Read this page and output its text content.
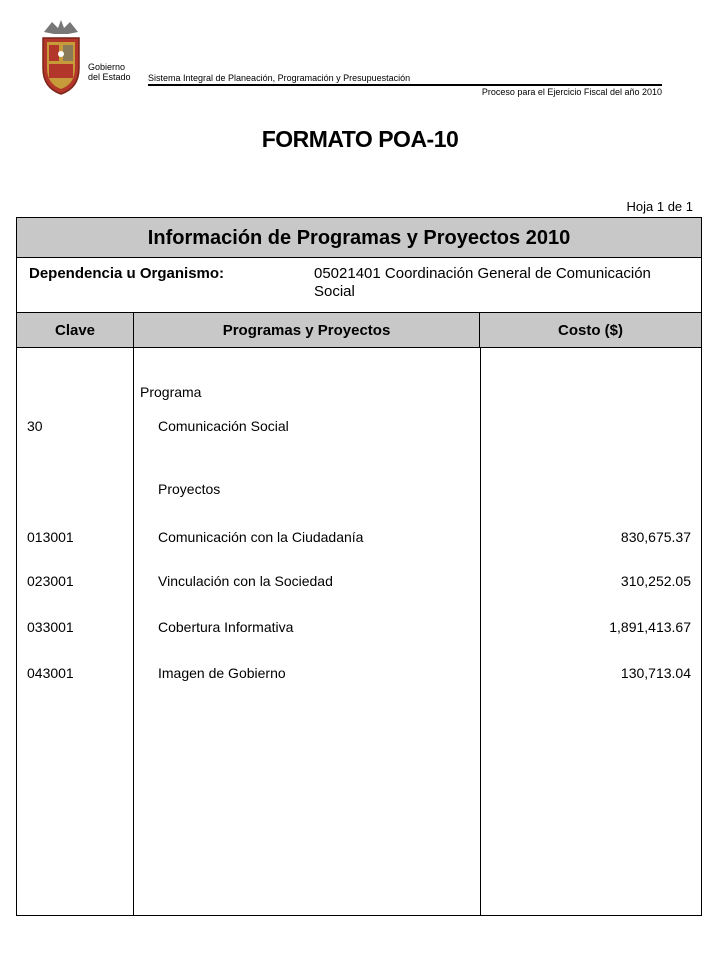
Gobierno
del Estado Sistema Integral de Planeación, Programación y Presupuestación
Proceso para el Ejercicio Fiscal del año 2010
FORMATO POA-10
Hoja 1 de 1
Información de Programas y Proyectos 2010
Dependencia u Organismo:	05021401 Coordinación General de Comunicación Social
Clave	Programas y Proyectos	Costo ($)
Programa
30	Comunicación Social
Proyectos
013001	Comunicación con la Ciudadanía	830,675.37
023001	Vinculación con la Sociedad	310,252.05
033001	Cobertura Informativa	1,891,413.67
043001	Imagen de Gobierno	130,713.04
